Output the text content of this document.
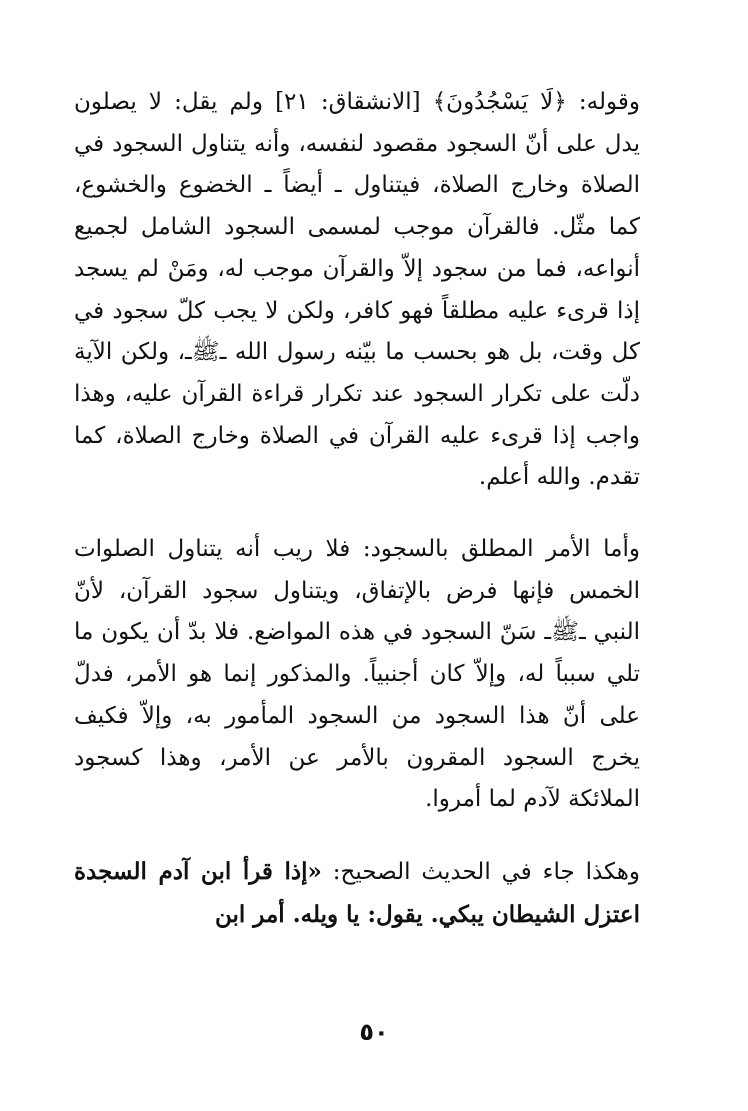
وقوله: ﴿لَا يَسْجُدُونَ﴾ [الانشقاق: ٢١] ولم يقل: لا يصلون يدل على أنّ السجود مقصود لنفسه، وأنه يتناول السجود في الصلاة وخارج الصلاة، فيتناول ـ أيضاً ـ الخضوع والخشوع، كما مثّل. فالقرآن موجب لمسمى السجود الشامل لجميع أنواعه، فما من سجود إلاّ والقرآن موجب له، ومَنْ لم يسجد إذا قرىء عليه مطلقاً فهو كافر، ولكن لا يجب كلّ سجود في كل وقت، بل هو بحسب ما بيّنه رسول الله ـﷺـ، ولكن الآية دلّت على تكرار السجود عند تكرار قراءة القرآن عليه، وهذا واجب إذا قرىء عليه القرآن في الصلاة وخارج الصلاة، كما تقدم. والله أعلم.

وأما الأمر المطلق بالسجود: فلا ريب أنه يتناول الصلوات الخمس فإنها فرض بالإتفاق، ويتناول سجود القرآن، لأنّ النبي ـﷺـ سَنّ السجود في هذه المواضع. فلا بدّ أن يكون ما تلي سبباً له، وإلاّ كان أجنبياً. والمذكور إنما هو الأمر، فدلّ على أنّ هذا السجود من السجود المأمور به، وإلاّ فكيف يخرج السجود المقرون بالأمر عن الأمر، وهذا كسجود الملائكة لآدم لما أمروا.

وهكذا جاء في الحديث الصحيح: «إذا قرأ ابن آدم السجدة اعتزل الشيطان يبكي. يقول: يا ويله. أمر ابن

٥٠
